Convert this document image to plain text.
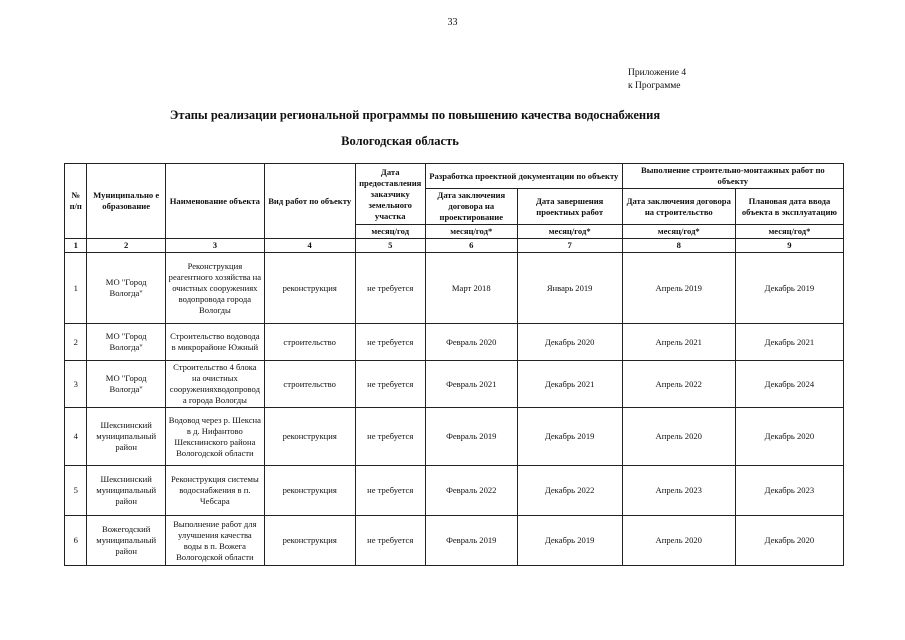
33
Приложение 4
к Программе
Этапы реализации региональной программы по повышению качества водоснабжения
Вологодская область
№ п/п	Муниципально е образование	Наименование объекта	Вид работ по объекту	Дата предоставления заказчику земельного участка	Разработка проектной документации по объекту		Выполнение строительно-монтажных работ по объекту	
					Дата заключения договора на проектирование	Дата завершения проектных работ	Дата заключения договора на строительство	Плановая дата ввода объекта в эксплуатацию
				месяц/год	месяц/год*	месяц/год*	месяц/год*	месяц/год*
1	2	3	4	5	6	7	8	9
1	МО "Город Вологда"	Реконструкция реагентного хозяйства на очистных сооружениях водопровода города Вологды	реконструкция	не требуется	Март 2018	Январь 2019	Апрель 2019	Декабрь 2019
2	МО "Город Вологда"	Строительство водовода в микрорайоне Южный	строительство	не требуется	Февраль 2020	Декабрь 2020	Апрель 2021	Декабрь 2021
3	МО "Город Вологда"	Строительство 4 блока на очистных сооруженияхводопровод а города Вологды	строительство	не требуется	Февраль 2021	Декабрь 2021	Апрель 2022	Декабрь 2024
4	Шекснинский муниципальный район	Водовод через р. Шексна в д. Нифантово Шекснинского района Вологодской области	реконструкция	не требуется	Февраль 2019	Декабрь 2019	Апрель 2020	Декабрь 2020
5	Шекснинский муниципальный район	Реконструкция системы водоснабжения в п. Чебсара	реконструкция	не требуется	Февраль 2022	Декабрь 2022	Апрель 2023	Декабрь 2023
6	Вожегодский муниципальный район	Выполнение работ для улучшения качества воды в п. Вожега Вологодской области	реконструкция	не требуется	Февраль 2019	Декабрь 2019	Апрель 2020	Декабрь 2020
